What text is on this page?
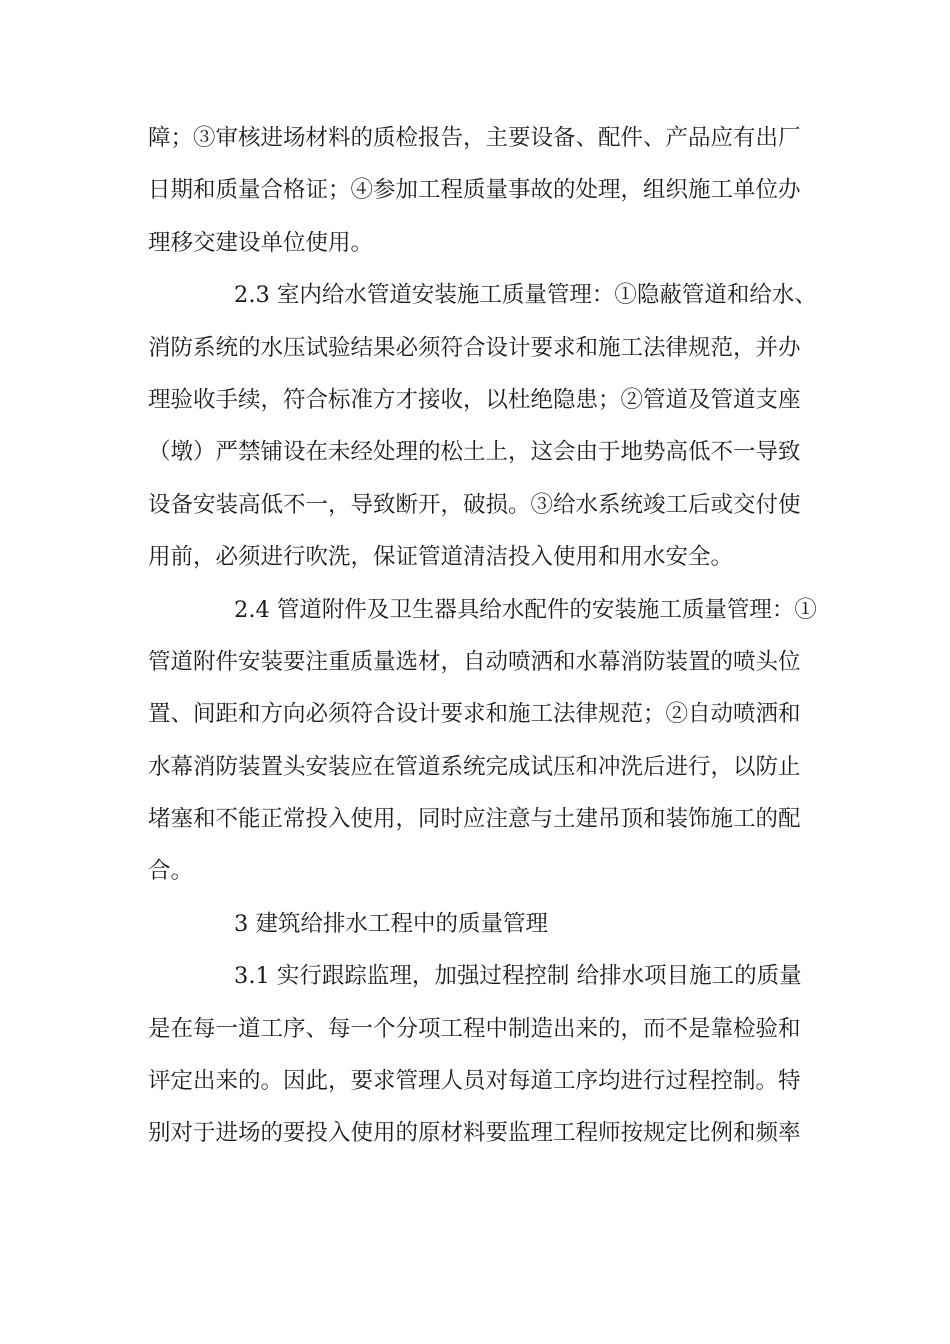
障；③审核进场材料的质检报告，主要设备、配件、产品应有出厂
日期和质量合格证；④参加工程质量事故的处理，组织施工单位办
理移交建设单位使用。
2.3 室内给水管道安装施工质量管理：①隐蔽管道和给水、
消防系统的水压试验结果必须符合设计要求和施工法律规范，并办
理验收手续，符合标准方才接收，以杜绝隐患；②管道及管道支座
（墩）严禁铺设在未经处理的松土上，这会由于地势高低不一导致
设备安装高低不一，导致断开，破损。③给水系统竣工后或交付使
用前，必须进行吹洗，保证管道清洁投入使用和用水安全。
2.4 管道附件及卫生器具给水配件的安装施工质量管理：①
管道附件安装要注重质量选材，自动喷洒和水幕消防装置的喷头位
置、间距和方向必须符合设计要求和施工法律规范；②自动喷洒和
水幕消防装置头安装应在管道系统完成试压和冲洗后进行，以防止
堵塞和不能正常投入使用，同时应注意与土建吊顶和装饰施工的配
合。
3 建筑给排水工程中的质量管理
3.1 实行跟踪监理，加强过程控制 给排水项目施工的质量
是在每一道工序、每一个分项工程中制造出来的，而不是靠检验和
评定出来的。因此，要求管理人员对每道工序均进行过程控制。特
别对于进场的要投入使用的原材料要监理工程师按规定比例和频率
